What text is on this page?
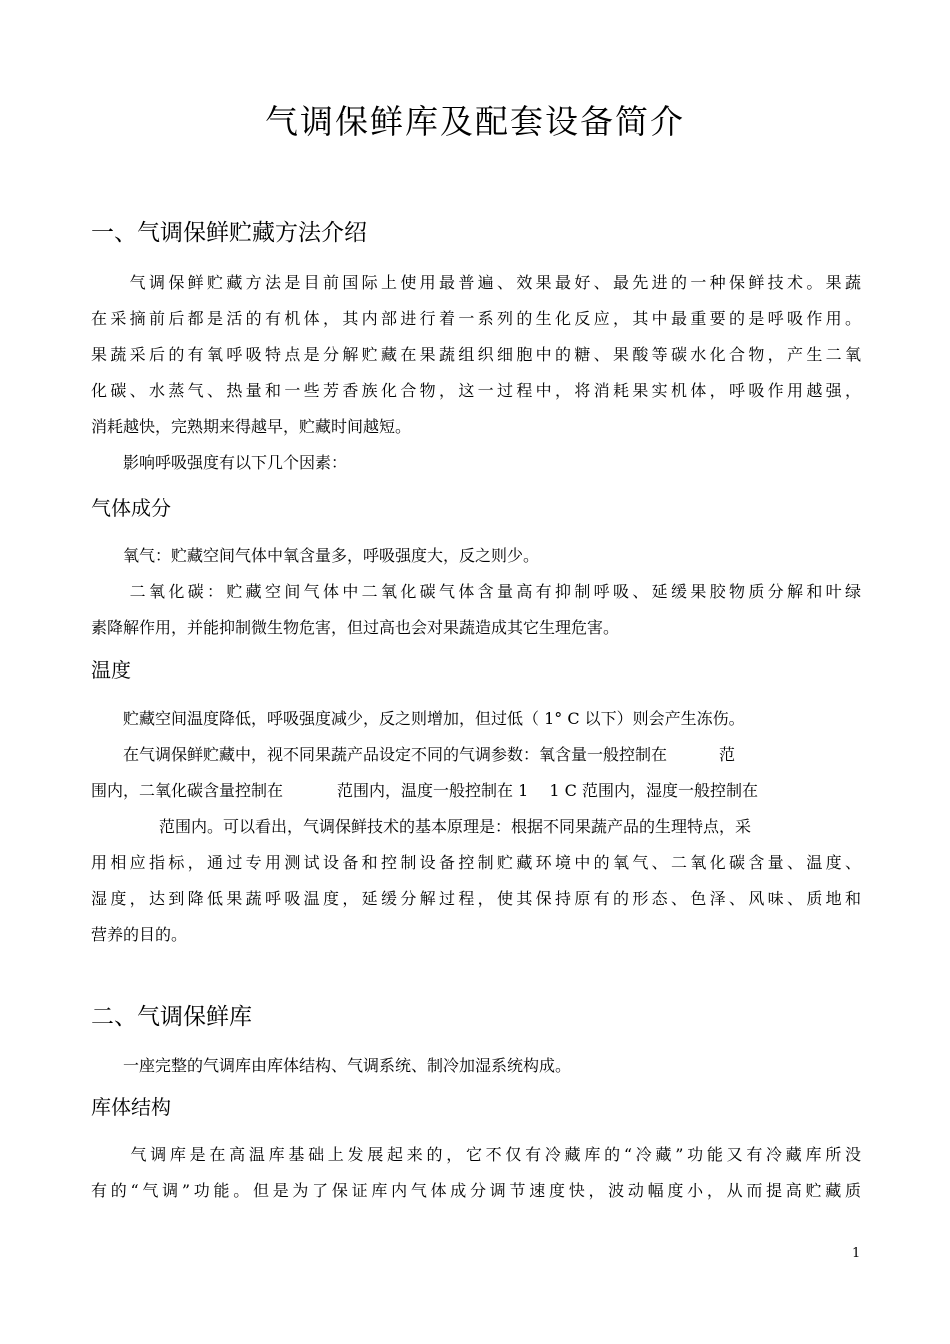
气调保鲜库及配套设备简介
一、气调保鲜贮藏方法介绍
　　气调保鲜贮藏方法是目前国际上使用最普遍、效果最好、最先进的一种保鲜技术。果蔬
在采摘前后都是活的有机体，其内部进行着一系列的生化反应，其中最重要的是呼吸作用。
果蔬采后的有氧呼吸特点是分解贮藏在果蔬组织细胞中的糖、果酸等碳水化合物，产生二氧
化碳、水蒸气、热量和一些芳香族化合物，这一过程中，将消耗果实机体，呼吸作用越强，
消耗越快，完熟期来得越早，贮藏时间越短。
　　影响呼吸强度有以下几个因素：
气体成分
　　氧气：贮藏空间气体中氧含量多，呼吸强度大，反之则少。
　　二氧化碳：贮藏空间气体中二氧化碳气体含量高有抑制呼吸、延缓果胶物质分解和叶绿
素降解作用，并能抑制微生物危害，但过高也会对果蔬造成其它生理危害。
温度
　　贮藏空间温度降低，呼吸强度减少，反之则增加，但过低（ 1° C 以下）则会产生冻伤。
　　在气调保鲜贮藏中，视不同果蔬产品设定不同的气调参数：氧含量一般控制在	范
围内，二氧化碳含量控制在	范围内，温度一般控制在 1　 1 C 范围内，湿度一般控制在
范围内。可以看出，气调保鲜技术的基本原理是：根据不同果蔬产品的生理特点，采
用相应指标，通过专用测试设备和控制设备控制贮藏环境中的氧气、二氧化碳含量、温度、
湿度，达到降低果蔬呼吸温度，延缓分解过程，使其保持原有的形态、色泽、风味、质地和
营养的目的。
二、气调保鲜库
　　一座完整的气调库由库体结构、气调系统、制冷加湿系统构成。
库体结构
　　气调库是在高温库基础上发展起来的，它不仅有冷藏库的“冷藏”功能又有冷藏库所没
有的“气调”功能。但是为了保证库内气体成分调节速度快，波动幅度小，从而提高贮藏质
1
